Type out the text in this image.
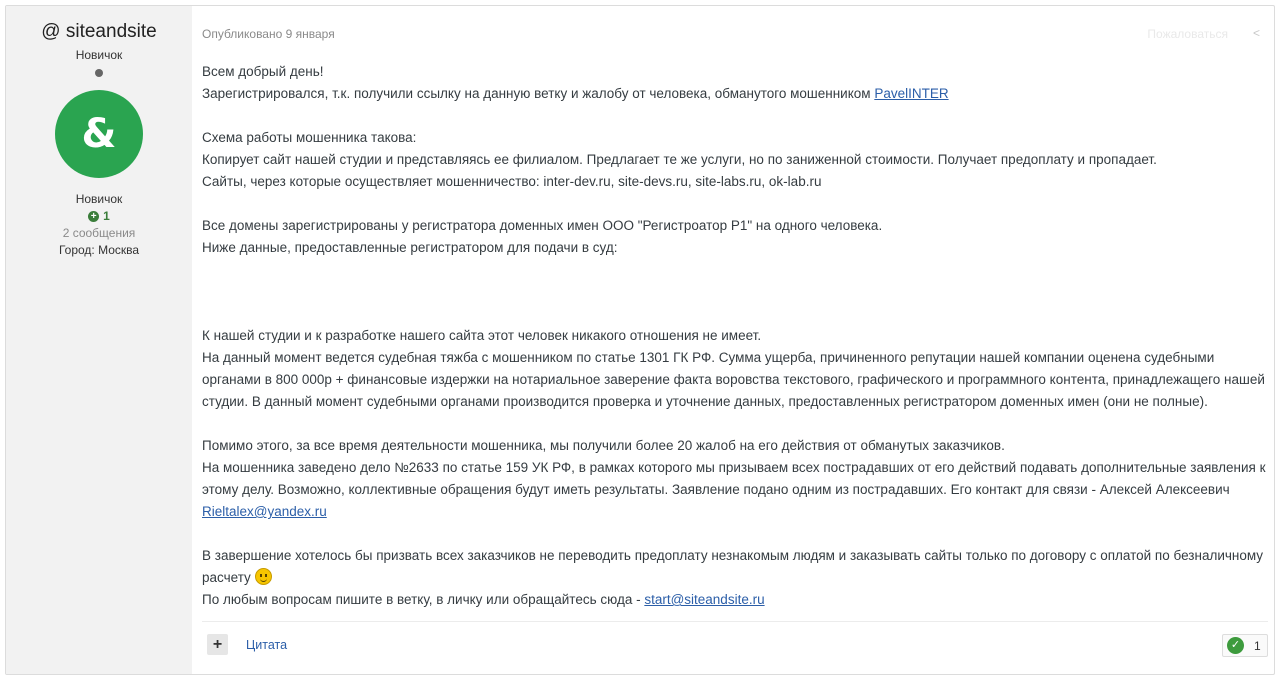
@ siteandsite
Новичок
&
Новичок
+ 1
2 сообщения
Город: Москва
Опубликовано 9 января	Пожаловаться <

Всем добрый день!

Зарегистрировался, т.к. получили ссылку на данную ветку и жалобу от человека, обманутого мошенником PavelINTER

Схема работы мошенника такова:

Копирует сайт нашей студии и представляясь ее филиалом. Предлагает те же услуги, но по заниженной стоимости. Получает предоплату и пропадает.

Сайты, через которые осуществляет мошенничество: inter-dev.ru, site-devs.ru, site-labs.ru, ok-lab.ru

Все домены зарегистрированы у регистратора доменных имен ООО "Регистроатор Р1" на одного человека.

Ниже данные, предоставленные регистратором для подачи в суд:

К нашей студии и к разработке нашего сайта этот человек никакого отношения не имеет.

На данный момент ведется судебная тяжба с мошенником по статье 1301 ГК РФ. Сумма ущерба, причиненного репутации нашей компании оценена судебными органами в 800 000р + финансовые издержки на нотариальное заверение факта воровства текстового, графического и программного контента, принадлежащего нашей студии. В данный момент судебными органами производится проверка и уточнение данных, предоставленных регистратором доменных имен (они не полные).

Помимо этого, за все время деятельности мошенника, мы получили более 20 жалоб на его действия от обманутых заказчиков.

На мошенника заведено дело №2633 по статье 159 УК РФ, в рамках которого мы призываем всех пострадавших от его действий подавать дополнительные заявления к этому делу. Возможно, коллективные обращения будут иметь результаты. Заявление подано одним из пострадавших. Его контакт для связи - Алексей Алексеевич Rieltalex@yandex.ru

В завершение хотелось бы призвать всех заказчиков не переводить предоплату незнакомым людям и заказывать сайты только по договору с оплатой по безналичному расчету

По любым вопросам пишите в ветку, в личку или обращайтесь сюда - start@siteandsite.ru

+	Цитата	✓	1
